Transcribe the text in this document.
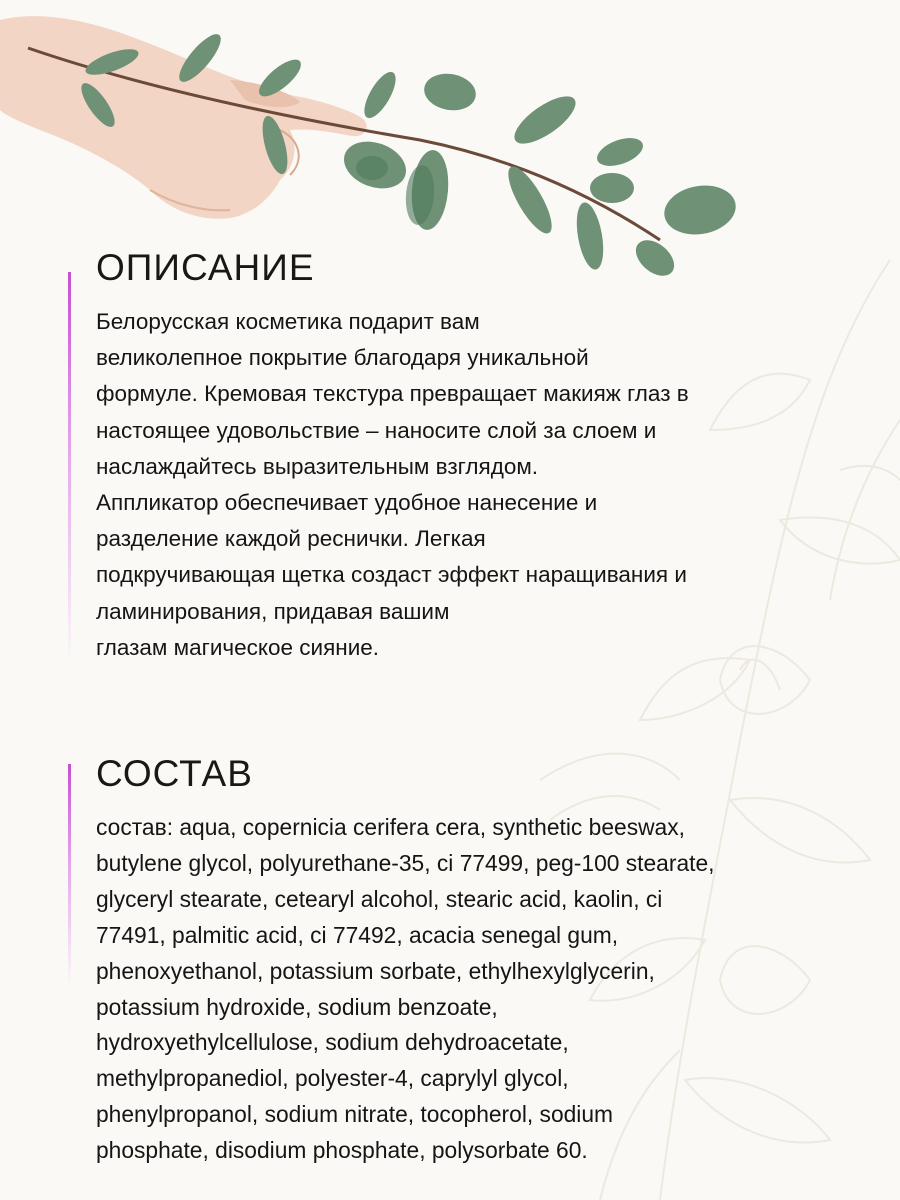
ОПИСАНИЕ

Белорусская косметика подарит вам
великолепное покрытие благодаря уникальной
формуле. Кремовая текстура превращает макияж глаз в
настоящее удовольствие – наносите слой за слоем и
наслаждайтесь выразительным взглядом.
Аппликатор обеспечивает удобное нанесение и
разделение каждой реснички. Легкая
подкручивающая щетка создаст эффект наращивания и
ламинирования, придавая вашим
глазам магическое сияние.

СОСТАВ

состав: aqua, copernicia cerifera cera, synthetic beeswax,
butylene glycol, polyurethane-35, ci 77499, peg-100 stearate,
glyceryl stearate, cetearyl alcohol, stearic acid, kaolin, ci
77491, palmitic acid, ci 77492, acacia senegal gum,
phenoxyethanol, potassium sorbate, ethylhexylglycerin,
potassium hydroxide, sodium benzoate,
hydroxyethylcellulose, sodium dehydroacetate,
methylpropanediol, polyester-4, caprylyl glycol,
phenylpropanol, sodium nitrate, tocopherol, sodium
phosphate, disodium phosphate, polysorbate 60.
